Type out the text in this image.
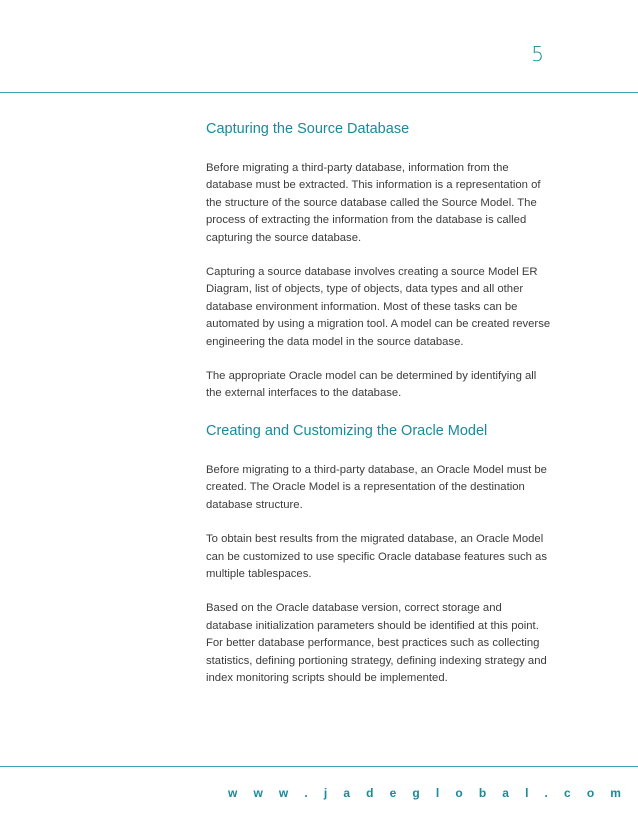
5
Capturing the Source Database

Before migrating a third-party database, information from the database must be extracted. This information is a representation of the structure of the source database called the Source Model. The process of extracting the information from the database is called capturing the source database.

Capturing a source database involves creating a source Model ER Diagram, list of objects, type of objects, data types and all other database environment information. Most of these tasks can be automated by using a migration tool. A model can be created reverse engineering the data model in the source database.

The appropriate Oracle model can be determined by identifying all the external interfaces to the database.

Creating and Customizing the Oracle Model

Before migrating to a third-party database, an Oracle Model must be created. The Oracle Model is a representation of the destination database structure.

To obtain best results from the migrated database, an Oracle Model can be customized to use specific Oracle database features such as multiple tablespaces.

Based on the Oracle database version, correct storage and database initialization parameters should be identified at this point. For better database performance, best practices such as collecting statistics, defining portioning strategy, defining indexing strategy and index monitoring scripts should be implemented.

w w w . j a d e g l o b a l . c o m
